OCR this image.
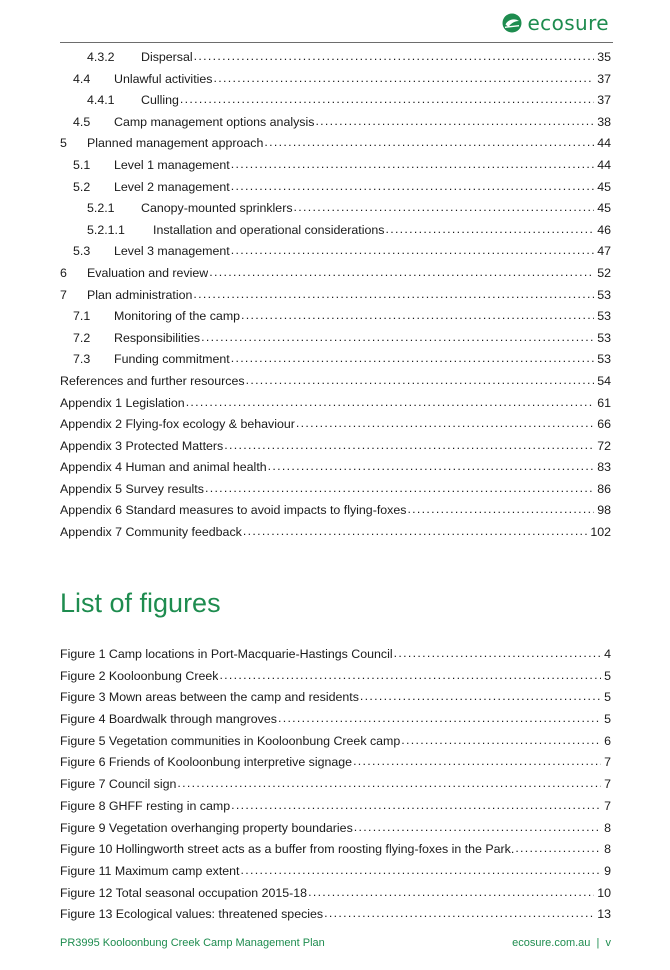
ecosure
4.3.2	Dispersal .....	35
4.4	Unlawful activities .....	37
4.4.1	Culling .....	37
4.5	Camp management options analysis .....	38
5	Planned management approach .....	44
5.1	Level 1 management .....	44
5.2	Level 2 management .....	45
5.2.1	Canopy-mounted sprinklers .....	45
5.2.1.1	Installation and operational considerations .....	46
5.3	Level 3 management .....	47
6	Evaluation and review .....	52
7	Plan administration .....	53
7.1	Monitoring of the camp .....	53
7.2	Responsibilities .....	53
7.3	Funding commitment .....	53
References and further resources .....	54
Appendix 1 Legislation .....	61
Appendix 2 Flying-fox ecology & behaviour .....	66
Appendix 3 Protected Matters .....	72
Appendix 4 Human and animal health .....	83
Appendix 5 Survey results .....	86
Appendix 6 Standard measures to avoid impacts to flying-foxes .....	98
Appendix 7 Community feedback .....	102
List of figures
Figure 1 Camp locations in Port-Macquarie-Hastings Council .....	4
Figure 2 Kooloonbung Creek .....	5
Figure 3 Mown areas between the camp and residents .....	5
Figure 4 Boardwalk through mangroves .....	5
Figure 5 Vegetation communities in Kooloonbung Creek camp .....	6
Figure 6 Friends of Kooloonbung interpretive signage .....	7
Figure 7 Council sign .....	7
Figure 8 GHFF resting in camp .....	7
Figure 9 Vegetation overhanging property boundaries .....	8
Figure 10 Hollingworth street acts as a buffer from roosting flying-foxes in the Park. .....	8
Figure 11 Maximum camp extent .....	9
Figure 12 Total seasonal occupation 2015-18 .....	10
Figure 13 Ecological values: threatened species .....	13
PR3995 Kooloonbung Creek Camp Management Plan	ecosure.com.au  |  v
